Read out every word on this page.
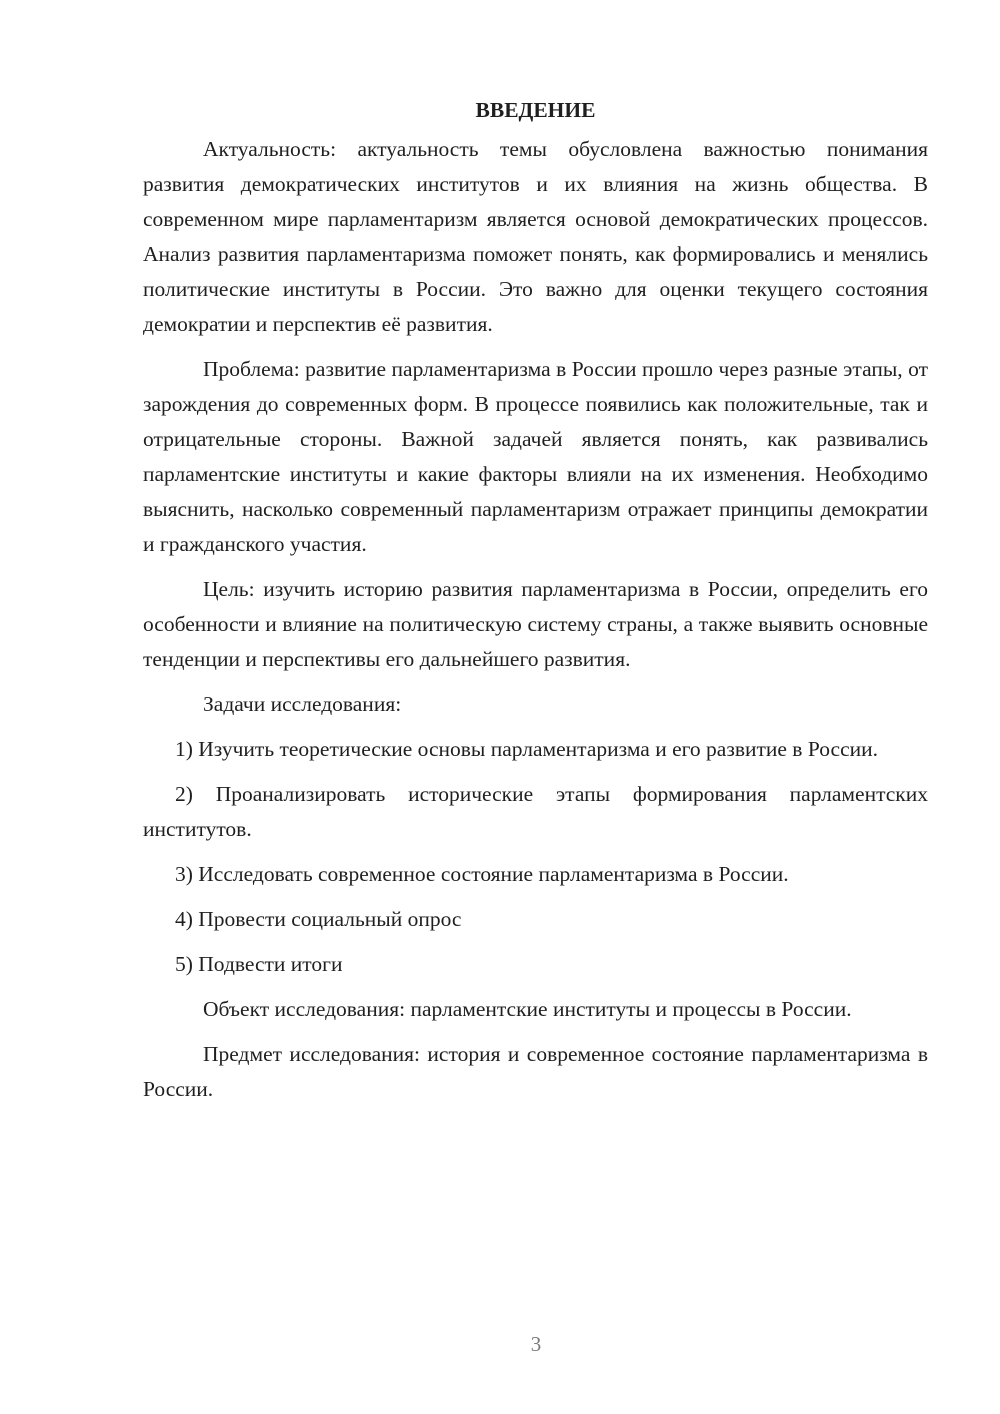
ВВЕДЕНИЕ

Актуальность: актуальность темы обусловлена важностью понимания развития демократических институтов и их влияния на жизнь общества. В современном мире парламентаризм является основой демократических процессов. Анализ развития парламентаризма поможет понять, как формировались и менялись политические институты в России. Это важно для оценки текущего состояния демократии и перспектив её развития.

Проблема: развитие парламентаризма в России прошло через разные этапы, от зарождения до современных форм. В процессе появились как положительные, так и отрицательные стороны. Важной задачей является понять, как развивались парламентские институты и какие факторы влияли на их изменения. Необходимо выяснить, насколько современный парламентаризм отражает принципы демократии и гражданского участия.

Цель: изучить историю развития парламентаризма в России, определить его особенности и влияние на политическую систему страны, а также выявить основные тенденции и перспективы его дальнейшего развития.

Задачи исследования:

1) Изучить теоретические основы парламентаризма и его развитие в России.

2) Проанализировать исторические этапы формирования парламентских институтов.

3) Исследовать современное состояние парламентаризма в России.

4) Провести социальный опрос

5) Подвести итоги

Объект исследования: парламентские институты и процессы в России.

Предмет исследования: история и современное состояние парламентаризма в России.

3
